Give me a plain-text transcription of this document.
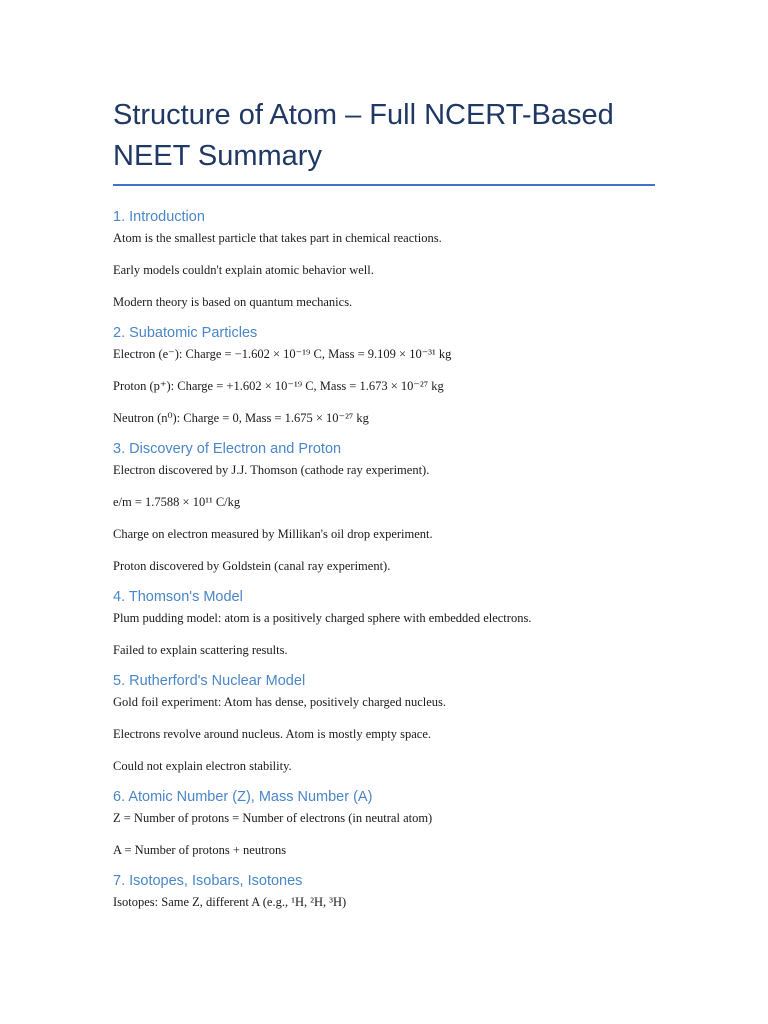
Structure of Atom – Full NCERT-Based NEET Summary
1. Introduction

Atom is the smallest particle that takes part in chemical reactions.

Early models couldn't explain atomic behavior well.

Modern theory is based on quantum mechanics.

2. Subatomic Particles

Electron (e⁻): Charge = −1.602 × 10⁻¹⁹ C, Mass = 9.109 × 10⁻³¹ kg

Proton (p⁺): Charge = +1.602 × 10⁻¹⁹ C, Mass = 1.673 × 10⁻²⁷ kg

Neutron (n⁰): Charge = 0, Mass = 1.675 × 10⁻²⁷ kg

3. Discovery of Electron and Proton

Electron discovered by J.J. Thomson (cathode ray experiment).

e/m = 1.7588 × 10¹¹ C/kg

Charge on electron measured by Millikan's oil drop experiment.

Proton discovered by Goldstein (canal ray experiment).

4. Thomson's Model

Plum pudding model: atom is a positively charged sphere with embedded electrons.

Failed to explain scattering results.

5. Rutherford's Nuclear Model

Gold foil experiment: Atom has dense, positively charged nucleus.

Electrons revolve around nucleus. Atom is mostly empty space.

Could not explain electron stability.

6. Atomic Number (Z), Mass Number (A)

Z = Number of protons = Number of electrons (in neutral atom)

A = Number of protons + neutrons

7. Isotopes, Isobars, Isotones

Isotopes: Same Z, different A (e.g., ¹H, ²H, ³H)
